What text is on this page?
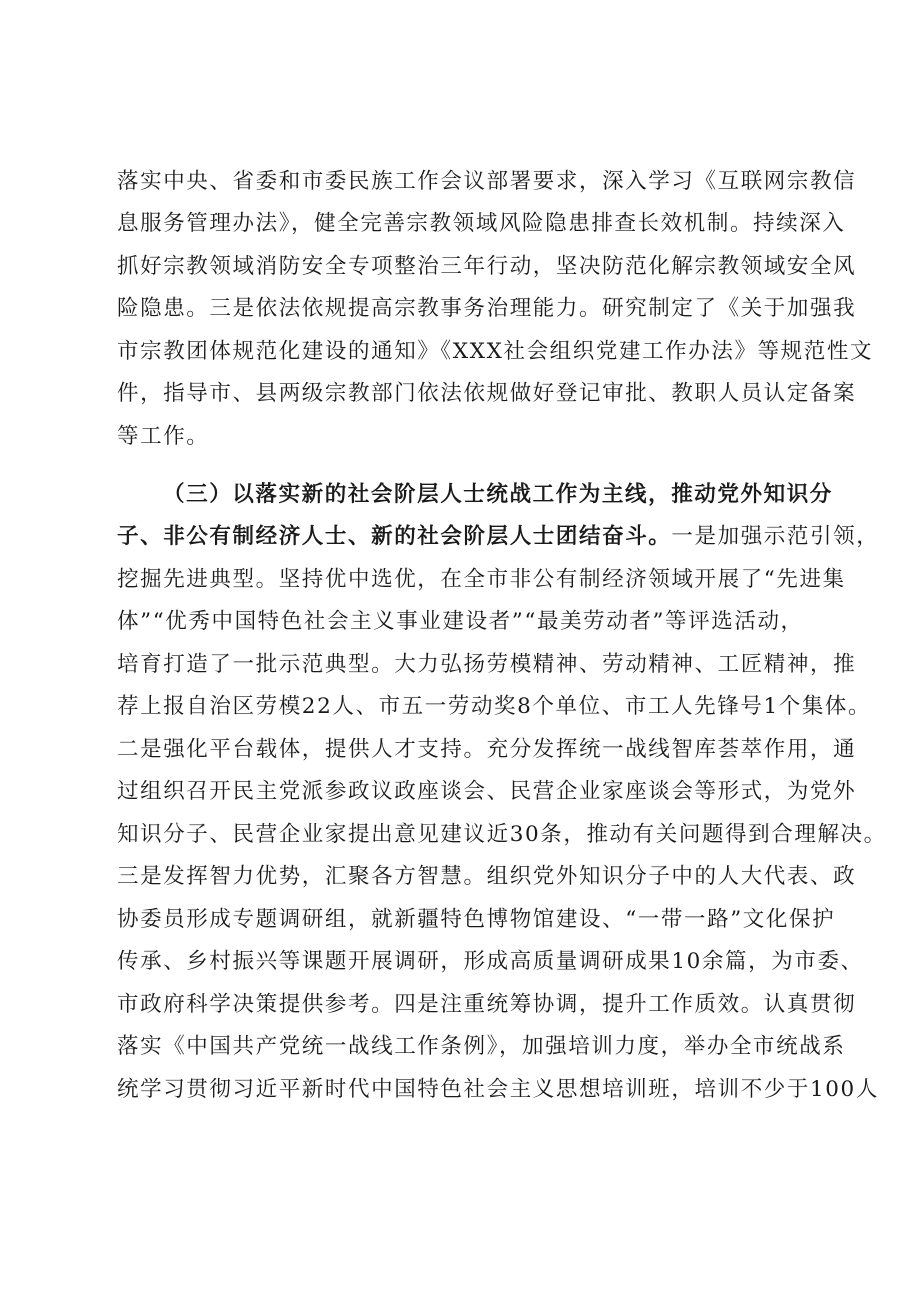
落实中央、省委和市委民族工作会议部署要求，深入学习《互联网宗教信
息服务管理办法》，健全完善宗教领域风险隐患排查长效机制。持续深入
抓好宗教领域消防安全专项整治三年行动，坚决防范化解宗教领域安全风
险隐患。三是依法依规提高宗教事务治理能力。研究制定了《关于加强我
市宗教团体规范化建设的通知》《XXX社会组织党建工作办法》等规范性文
件，指导市、县两级宗教部门依法依规做好登记审批、教职人员认定备案
等工作。
（三）以落实新的社会阶层人士统战工作为主线，推动党外知识分
子、非公有制经济人士、新的社会阶层人士团结奋斗。一是加强示范引领，
挖掘先进典型。坚持优中选优，在全市非公有制经济领域开展了“先进集
体”“优秀中国特色社会主义事业建设者”“最美劳动者”等评选活动，
培育打造了一批示范典型。大力弘扬劳模精神、劳动精神、工匠精神，推
荐上报自治区劳模22人、市五一劳动奖8个单位、市工人先锋号1个集体。
二是强化平台载体，提供人才支持。充分发挥统一战线智库荟萃作用，通
过组织召开民主党派参政议政座谈会、民营企业家座谈会等形式，为党外
知识分子、民营企业家提出意见建议近30条，推动有关问题得到合理解决。
三是发挥智力优势，汇聚各方智慧。组织党外知识分子中的人大代表、政
协委员形成专题调研组，就新疆特色博物馆建设、“一带一路”文化保护
传承、乡村振兴等课题开展调研，形成高质量调研成果10余篇，为市委、
市政府科学决策提供参考。四是注重统筹协调，提升工作质效。认真贯彻
落实《中国共产党统一战线工作条例》，加强培训力度，举办全市统战系
统学习贯彻习近平新时代中国特色社会主义思想培训班，培训不少于100人
